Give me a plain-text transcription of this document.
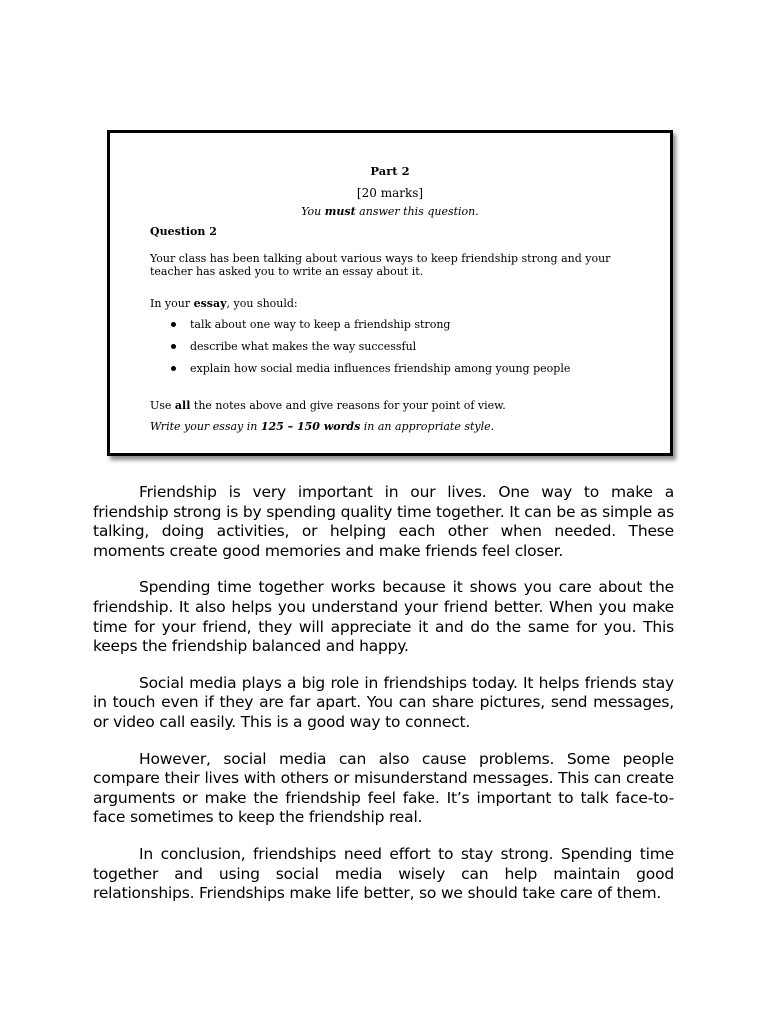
Part 2
[20 marks]
You must answer this question.
Question 2
Your class has been talking about various ways to keep friendship strong and your teacher has asked you to write an essay about it.
In your essay, you should:
talk about one way to keep a friendship strong
describe what makes the way successful
explain how social media influences friendship among young people
Use all the notes above and give reasons for your point of view.
Write your essay in 125 – 150 words in an appropriate style.

Friendship is very important in our lives. One way to make a friendship strong is by spending quality time together. It can be as simple as talking, doing activities, or helping each other when needed. These moments create good memories and make friends feel closer.

Spending time together works because it shows you care about the friendship. It also helps you understand your friend better. When you make time for your friend, they will appreciate it and do the same for you. This keeps the friendship balanced and happy.

Social media plays a big role in friendships today. It helps friends stay in touch even if they are far apart. You can share pictures, send messages, or video call easily. This is a good way to connect.

However, social media can also cause problems. Some people compare their lives with others or misunderstand messages. This can create arguments or make the friendship feel fake. It’s important to talk face-to-face sometimes to keep the friendship real.

In conclusion, friendships need effort to stay strong. Spending time together and using social media wisely can help maintain good relationships. Friendships make life better, so we should take care of them.
